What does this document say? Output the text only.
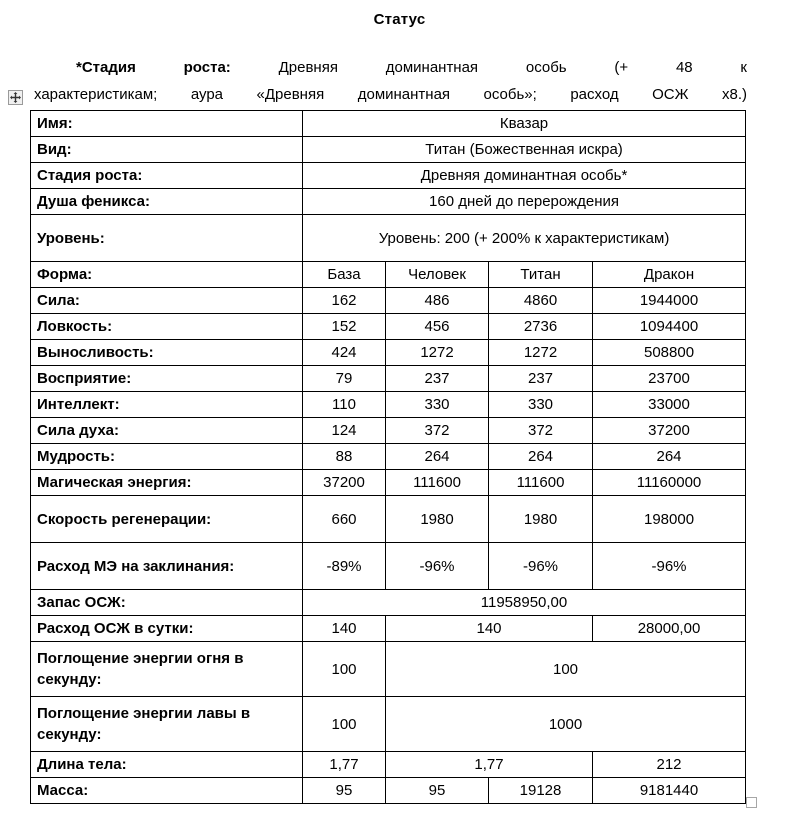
Статус

*Стадия роста:	Древняя доминантная особь (+ 48 к
характеристикам; аура «Древняя доминантная особь»; расход ОСЖ х8.)

Имя:	Квазар			
Вид:	Титан (Божественная искра)			
Стадия роста:	Древняя доминантная особь*			
Душа феникса:	160 дней до перерождения			
Уровень:	Уровень: 200 (+ 200% к характеристикам)			
Форма:	База	Человек	Титан	Дракон
Сила:	162	486	4860	1944000
Ловкость:	152	456	2736	1094400
Выносливость:	424	1272	1272	508800
Восприятие:	79	237	237	23700
Интеллект:	110	330	330	33000
Сила духа:	124	372	372	37200
Мудрость:	88	264	264	264
Магическая энергия:	37200	111600	111600	11160000
Скорость регенерации:	660	1980	1980	198000
Расход МЭ на заклинания:	-89%	-96%	-96%	-96%
Запас ОСЖ:	11958950,00			
Расход ОСЖ в сутки:	140	140		28000,00
Поглощение энергии огня в секунду:	100	100		
Поглощение энергии лавы в секунду:	100	1000		
Длина тела:	1,77	1,77		212
Масса:	95	95	19128	9181440
